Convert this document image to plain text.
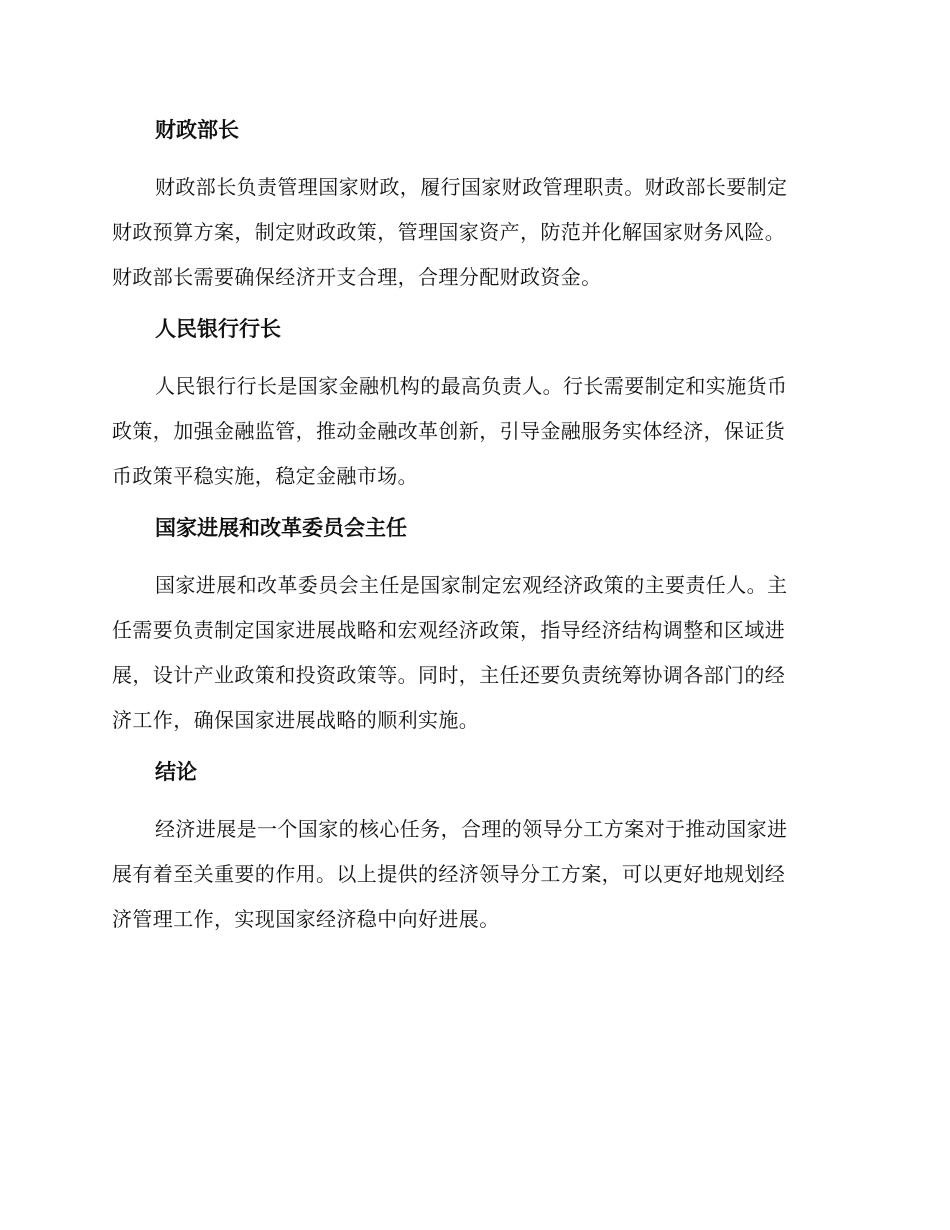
财政部长
财政部长负责管理国家财政，履行国家财政管理职责。财政部长要制定
财政预算方案，制定财政政策，管理国家资产，防范并化解国家财务风险。
财政部长需要确保经济开支合理，合理分配财政资金。
人民银行行长
人民银行行长是国家金融机构的最高负责人。行长需要制定和实施货币
政策，加强金融监管，推动金融改革创新，引导金融服务实体经济，保证货
币政策平稳实施，稳定金融市场。
国家进展和改革委员会主任
国家进展和改革委员会主任是国家制定宏观经济政策的主要责任人。主
任需要负责制定国家进展战略和宏观经济政策，指导经济结构调整和区域进
展，设计产业政策和投资政策等。同时，主任还要负责统筹协调各部门的经
济工作，确保国家进展战略的顺利实施。
结论
经济进展是一个国家的核心任务，合理的领导分工方案对于推动国家进
展有着至关重要的作用。以上提供的经济领导分工方案，可以更好地规划经
济管理工作，实现国家经济稳中向好进展。
